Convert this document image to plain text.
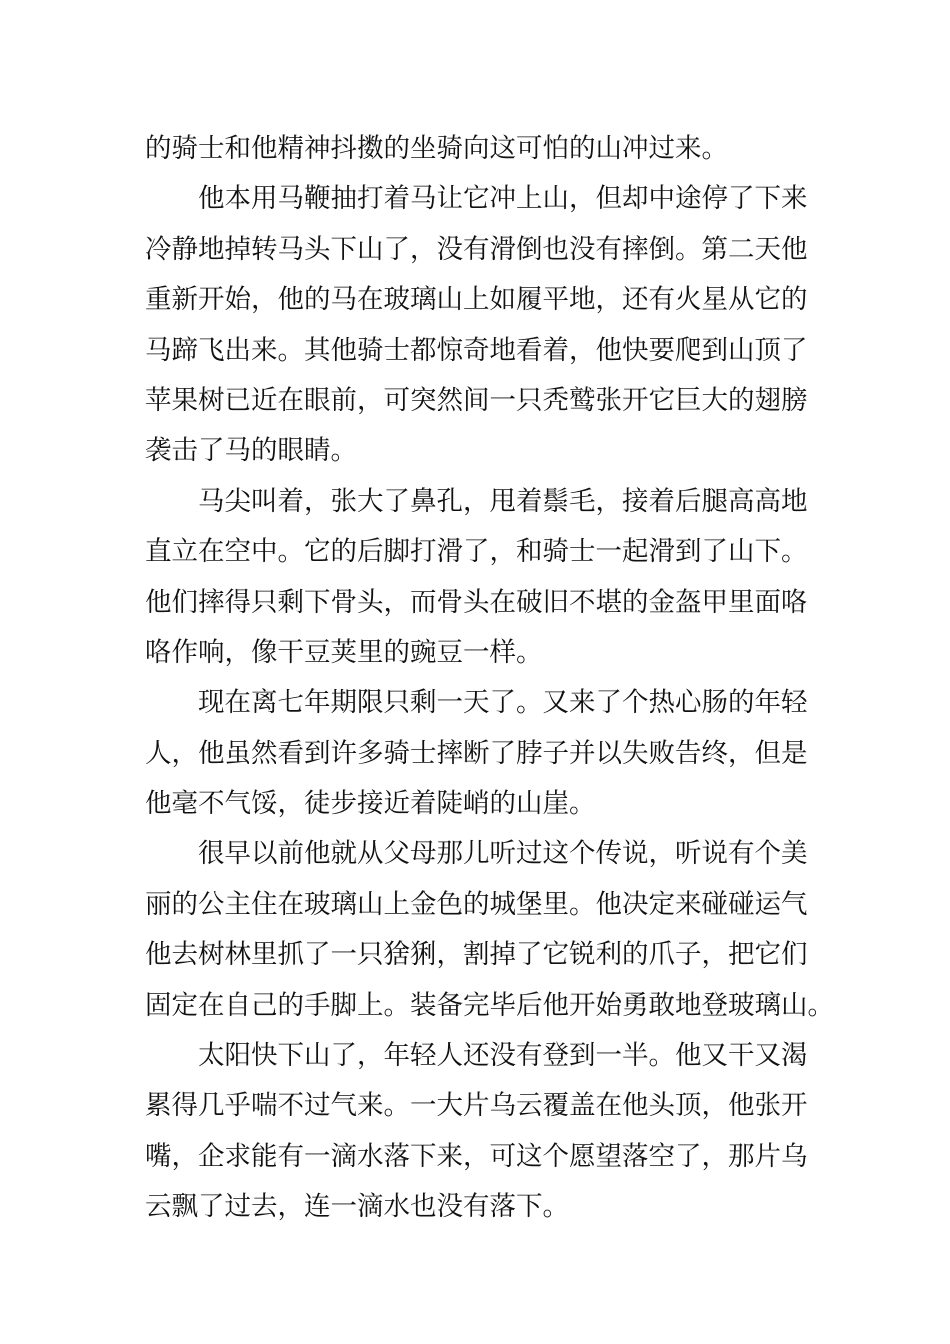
的骑士和他精神抖擞的坐骑向这可怕的山冲过来。
他本用马鞭抽打着马让它冲上山，但却中途停了下来
冷静地掉转马头下山了，没有滑倒也没有摔倒。第二天他
重新开始，他的马在玻璃山上如履平地，还有火星从它的
马蹄飞出来。其他骑士都惊奇地看着，他快要爬到山顶了
苹果树已近在眼前，可突然间一只秃鹫张开它巨大的翅膀
袭击了马的眼睛。
马尖叫着，张大了鼻孔，甩着鬃毛，接着后腿高高地
直立在空中。它的后脚打滑了，和骑士一起滑到了山下。
他们摔得只剩下骨头，而骨头在破旧不堪的金盔甲里面咯
咯作响，像干豆荚里的豌豆一样。
现在离七年期限只剩一天了。又来了个热心肠的年轻
人，他虽然看到许多骑士摔断了脖子并以失败告终，但是
他毫不气馁，徒步接近着陡峭的山崖。
很早以前他就从父母那儿听过这个传说，听说有个美
丽的公主住在玻璃山上金色的城堡里。他决定来碰碰运气
他去树林里抓了一只猞猁，割掉了它锐利的爪子，把它们
固定在自己的手脚上。装备完毕后他开始勇敢地登玻璃山。
太阳快下山了，年轻人还没有登到一半。他又干又渴
累得几乎喘不过气来。一大片乌云覆盖在他头顶，他张开
嘴，企求能有一滴水落下来，可这个愿望落空了，那片乌
云飘了过去，连一滴水也没有落下。
